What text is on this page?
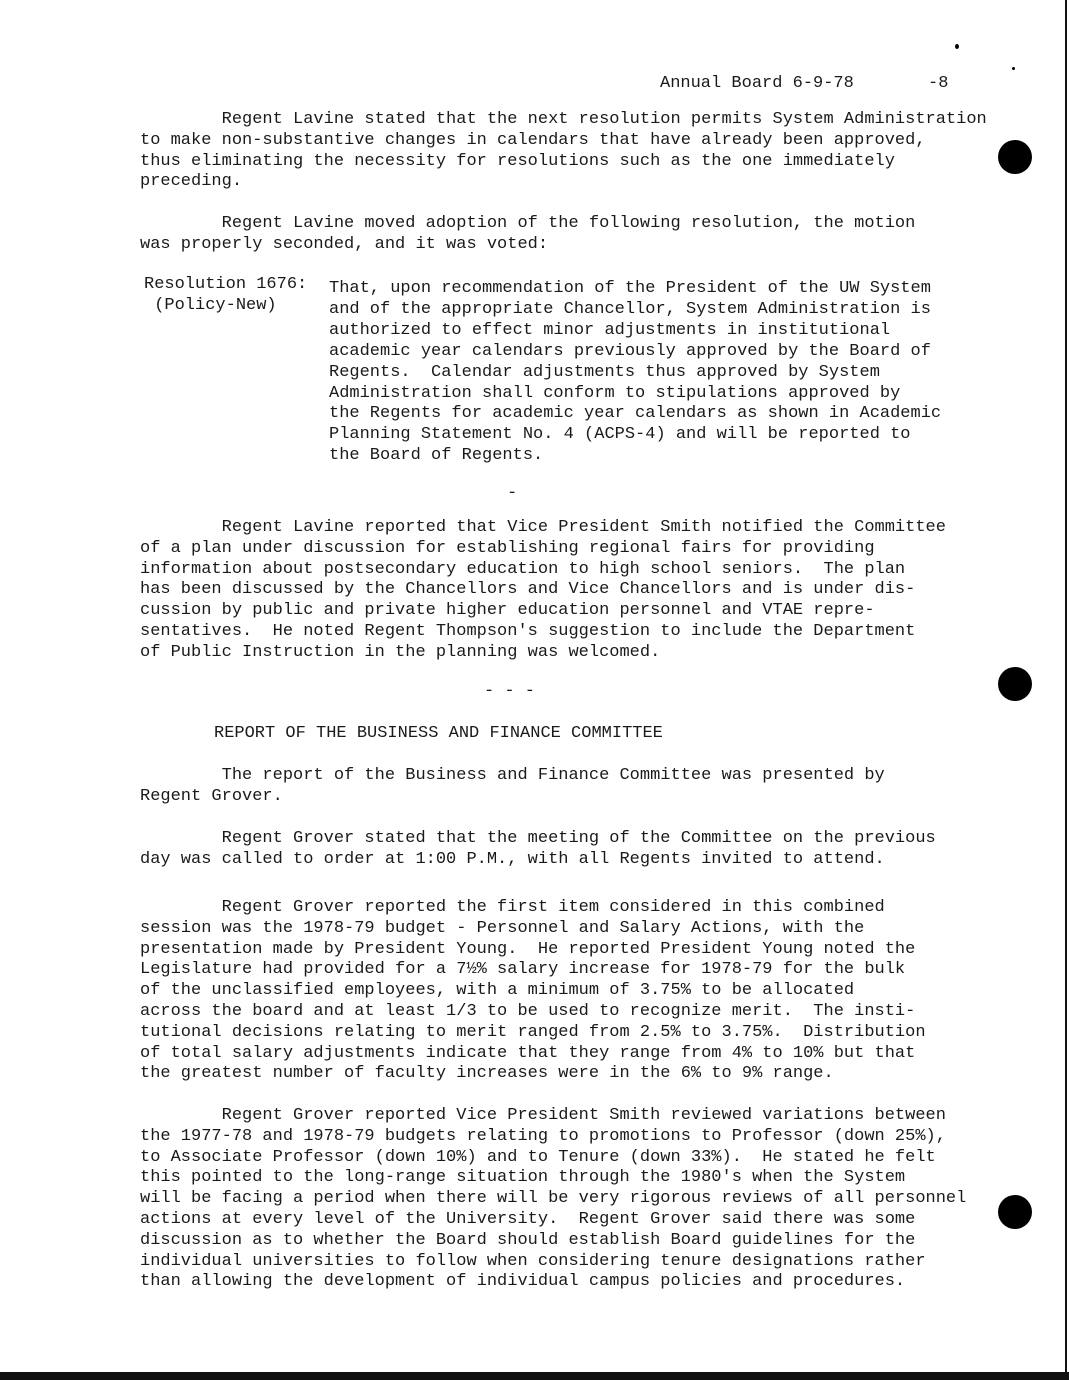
Annual Board 6-9-78	-8
Regent Lavine stated that the next resolution permits System Administration
to make non-substantive changes in calendars that have already been approved,
thus eliminating the necessity for resolutions such as the one immediately
preceding.
Regent Lavine moved adoption of the following resolution, the motion
was properly seconded, and it was voted:
Resolution 1676:
(Policy-New)
That, upon recommendation of the President of the UW System
and of the appropriate Chancellor, System Administration is
authorized to effect minor adjustments in institutional
academic year calendars previously approved by the Board of
Regents.  Calendar adjustments thus approved by System
Administration shall conform to stipulations approved by
the Regents for academic year calendars as shown in Academic
Planning Statement No. 4 (ACPS-4) and will be reported to
the Board of Regents.
-
Regent Lavine reported that Vice President Smith notified the Committee
of a plan under discussion for establishing regional fairs for providing
information about postsecondary education to high school seniors.  The plan
has been discussed by the Chancellors and Vice Chancellors and is under dis-
cussion by public and private higher education personnel and VTAE repre-
sentatives.  He noted Regent Thompson's suggestion to include the Department
of Public Instruction in the planning was welcomed.
- - -
REPORT OF THE BUSINESS AND FINANCE COMMITTEE
The report of the Business and Finance Committee was presented by
Regent Grover.
Regent Grover stated that the meeting of the Committee on the previous
day was called to order at 1:00 P.M., with all Regents invited to attend.
Regent Grover reported the first item considered in this combined
session was the 1978-79 budget - Personnel and Salary Actions, with the
presentation made by President Young.  He reported President Young noted the
Legislature had provided for a 7½% salary increase for 1978-79 for the bulk
of the unclassified employees, with a minimum of 3.75% to be allocated
across the board and at least 1/3 to be used to recognize merit.  The insti-
tutional decisions relating to merit ranged from 2.5% to 3.75%.  Distribution
of total salary adjustments indicate that they range from 4% to 10% but that
the greatest number of faculty increases were in the 6% to 9% range.
Regent Grover reported Vice President Smith reviewed variations between
the 1977-78 and 1978-79 budgets relating to promotions to Professor (down 25%),
to Associate Professor (down 10%) and to Tenure (down 33%).  He stated he felt
this pointed to the long-range situation through the 1980's when the System
will be facing a period when there will be very rigorous reviews of all personnel
actions at every level of the University.  Regent Grover said there was some
discussion as to whether the Board should establish Board guidelines for the
individual universities to follow when considering tenure designations rather
than allowing the development of individual campus policies and procedures.
